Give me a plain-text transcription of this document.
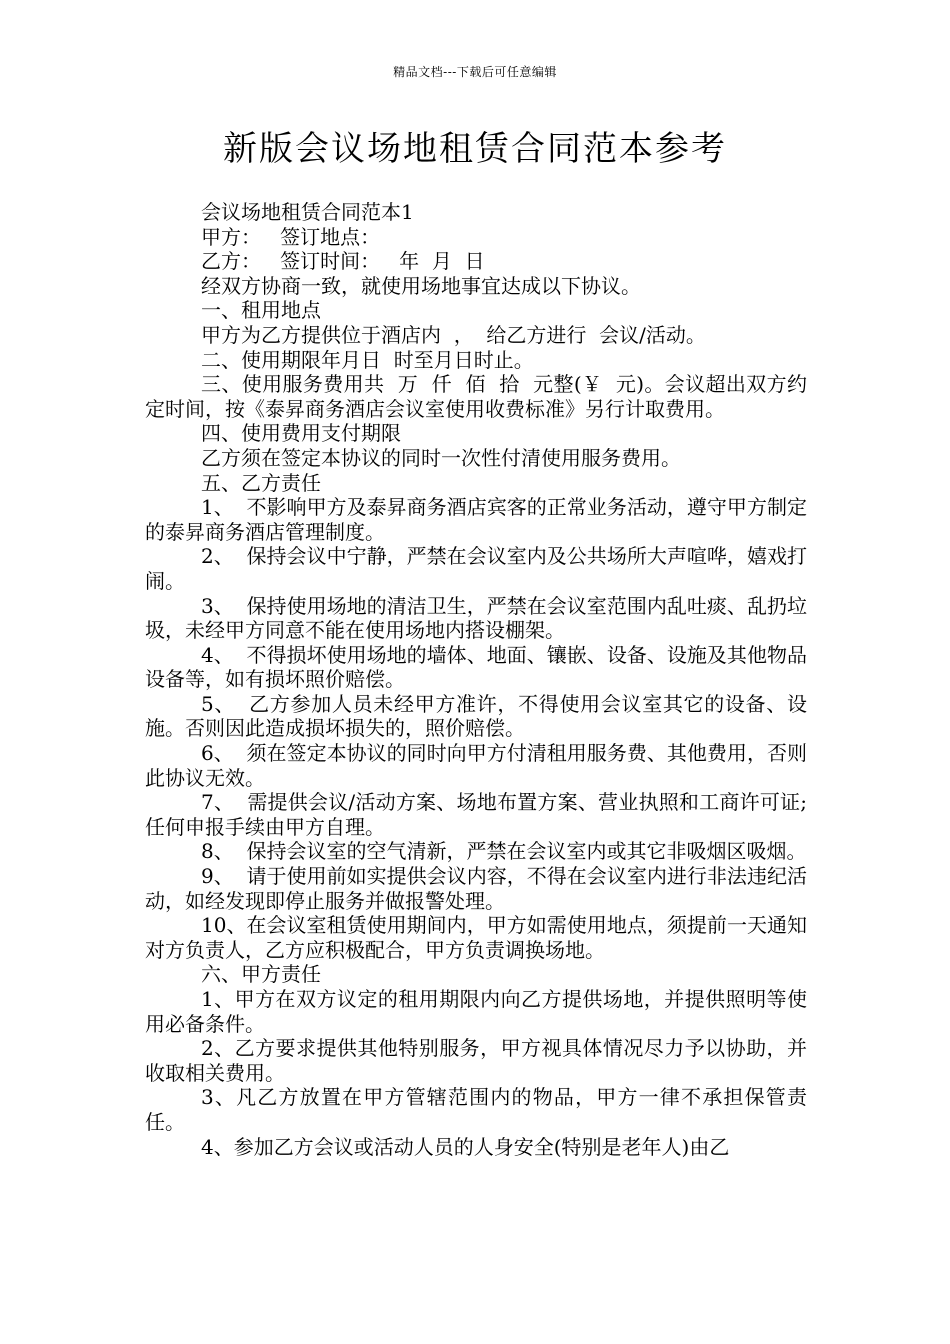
精品文档---下载后可任意编辑
新版会议场地租赁合同范本参考

会议场地租赁合同范本1

甲方：   签订地点：

乙方：   签订时间：   年  月  日

经双方协商一致，就使用场地事宜达成以下协议。

一、租用地点

甲方为乙方提供位于酒店内  ，  给乙方进行  会议/活动。

二、使用期限年月日  时至月日时止。

三、使用服务费用共  万  仟  佰  拾  元整(￥  元)。会议超出双方约定时间，按《泰昇商务酒店会议室使用收费标准》另行计取费用。

四、使用费用支付期限

乙方须在签定本协议的同时一次性付清使用服务费用。

五、乙方责任

1、  不影响甲方及泰昇商务酒店宾客的正常业务活动，遵守甲方制定的泰昇商务酒店管理制度。

2、  保持会议中宁静，严禁在会议室内及公共场所大声喧哗，嬉戏打闹。

3、  保持使用场地的清洁卫生，严禁在会议室范围内乱吐痰、乱扔垃圾，未经甲方同意不能在使用场地内搭设棚架。

4、  不得损坏使用场地的墙体、地面、镶嵌、设备、设施及其他物品设备等，如有损坏照价赔偿。

5、  乙方参加人员未经甲方准许，不得使用会议室其它的设备、设施。否则因此造成损坏损失的，照价赔偿。

6、  须在签定本协议的同时向甲方付清租用服务费、其他费用，否则此协议无效。

7、  需提供会议/活动方案、场地布置方案、营业执照和工商许可证;任何申报手续由甲方自理。

8、  保持会议室的空气清新，严禁在会议室内或其它非吸烟区吸烟。

9、  请于使用前如实提供会议内容，不得在会议室内进行非法违纪活动，如经发现即停止服务并做报警处理。

10、在会议室租赁使用期间内，甲方如需使用地点，须提前一天通知对方负责人，乙方应积极配合，甲方负责调换场地。

六、甲方责任

1、甲方在双方议定的租用期限内向乙方提供场地，并提供照明等使用必备条件。

2、乙方要求提供其他特别服务，甲方视具体情况尽力予以协助，并收取相关费用。

3、凡乙方放置在甲方管辖范围内的物品，甲方一律不承担保管责任。

4、参加乙方会议或活动人员的人身安全(特别是老年人)由乙
